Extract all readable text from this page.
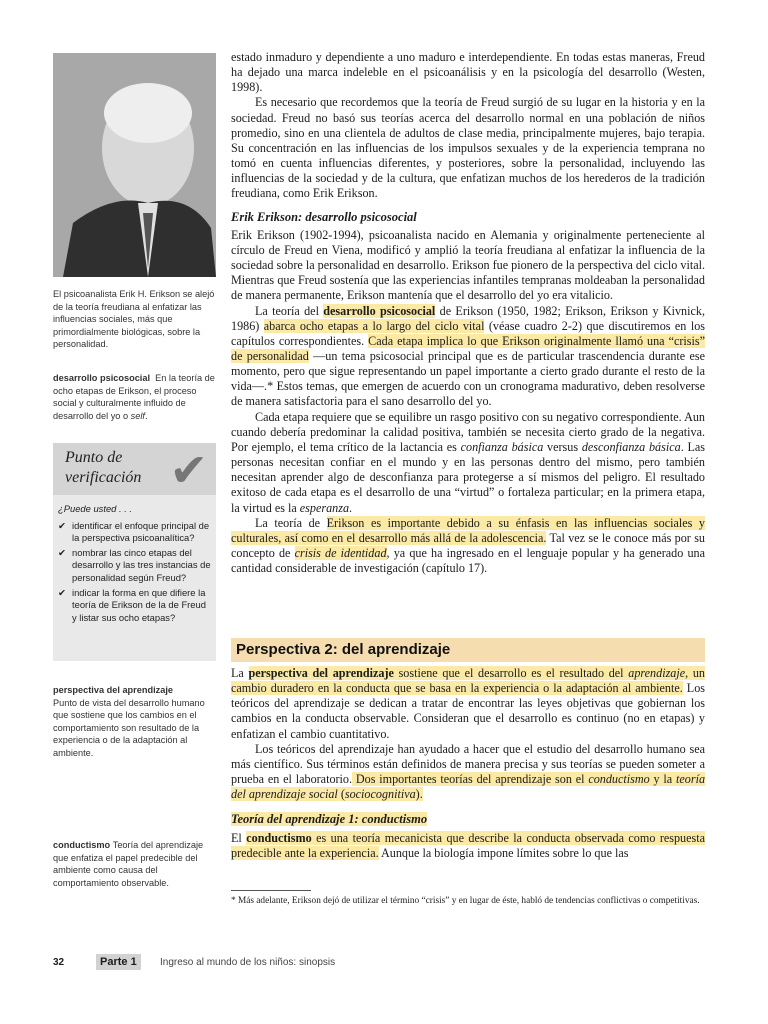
El psicoanalista Erik H. Erikson se alejó de la teoría freudiana al enfatizar las influencias sociales, más que primordialmente biológicas, sobre la personalidad.
desarrollo psicosocial En la teoría de ocho etapas de Erikson, el proceso social y culturalmente influido de desarrollo del yo o self.
Punto de
verificación ✔
¿Puede usted . . .
✔ identificar el enfoque principal de la perspectiva psicoanalítica?
✔ nombrar las cinco etapas del desarrollo y las tres instancias de personalidad según Freud?
✔ indicar la forma en que difiere la teoría de Erikson de la de Freud y listar sus ocho etapas?
perspectiva del aprendizaje
Punto de vista del desarrollo humano que sostiene que los cambios en el comportamiento son resultado de la experiencia o de la adaptación al ambiente.
conductismo Teoría del aprendizaje que enfatiza el papel predecible del ambiente como causa del comportamiento observable.

estado inmaduro y dependiente a uno maduro e interdependiente. En todas estas maneras, Freud ha dejado una marca indeleble en el psicoanálisis y en la psicología del desarrollo (Westen, 1998).

Es necesario que recordemos que la teoría de Freud surgió de su lugar en la historia y en la sociedad. Freud no basó sus teorías acerca del desarrollo normal en una población de niños promedio, sino en una clientela de adultos de clase media, principalmente mujeres, bajo terapia. Su concentración en las influencias de los impulsos sexuales y de la experiencia temprana no tomó en cuenta influencias diferentes, y posteriores, sobre la personalidad, incluyendo las influencias de la sociedad y de la cultura, que enfatizan muchos de los herederos de la tradición freudiana, como Erik Erikson.

Erik Erikson: desarrollo psicosocial

Erik Erikson (1902-1994), psicoanalista nacido en Alemania y originalmente perteneciente al círculo de Freud en Viena, modificó y amplió la teoría freudiana al enfatizar la influencia de la sociedad sobre la personalidad en desarrollo. Erikson fue pionero de la perspectiva del ciclo vital. Mientras que Freud sostenía que las experiencias infantiles tempranas moldeaban la personalidad de manera permanente, Erikson mantenía que el desarrollo del yo era vitalicio.

La teoría del desarrollo psicosocial de Erikson (1950, 1982; Erikson, Erikson y Kivnick, 1986) abarca ocho etapas a lo largo del ciclo vital (véase cuadro 2-2) que discutiremos en los capítulos correspondientes. Cada etapa implica lo que Erikson originalmente llamó una “crisis” de personalidad —un tema psicosocial principal que es de particular trascendencia durante ese momento, pero que sigue representando un papel importante a cierto grado durante el resto de la vida—.* Estos temas, que emergen de acuerdo con un cronograma madurativo, deben resolverse de manera satisfactoria para el sano desarrollo del yo.

Cada etapa requiere que se equilibre un rasgo positivo con su negativo correspondiente. Aun cuando debería predominar la calidad positiva, también se necesita cierto grado de la negativa. Por ejemplo, el tema crítico de la lactancia es confianza básica versus desconfianza básica. Las personas necesitan confiar en el mundo y en las personas dentro del mismo, pero también necesitan aprender algo de desconfianza para protegerse a sí mismos del peligro. El resultado exitoso de cada etapa es el desarrollo de una “virtud” o fortaleza particular; en la primera etapa, la virtud es la esperanza.

La teoría de Erikson es importante debido a su énfasis en las influencias sociales y culturales, así como en el desarrollo más allá de la adolescencia. Tal vez se le conoce más por su concepto de crisis de identidad, ya que ha ingresado en el lenguaje popular y ha generado una cantidad considerable de investigación (capítulo 17).

Perspectiva 2: del aprendizaje

La perspectiva del aprendizaje sostiene que el desarrollo es el resultado del aprendizaje, un cambio duradero en la conducta que se basa en la experiencia o la adaptación al ambiente. Los teóricos del aprendizaje se dedican a tratar de encontrar las leyes objetivas que gobiernan los cambios en la conducta observable. Consideran que el desarrollo es continuo (no en etapas) y enfatizan el cambio cuantitativo.

Los teóricos del aprendizaje han ayudado a hacer que el estudio del desarrollo humano sea más científico. Sus términos están definidos de manera precisa y sus teorías se pueden someter a prueba en el laboratorio. Dos importantes teorías del aprendizaje son el conductismo y la teoría del aprendizaje social (sociocognitiva).

Teoría del aprendizaje 1: conductismo

El conductismo es una teoría mecanicista que describe la conducta observada como respuesta predecible ante la experiencia. Aunque la biología impone límites sobre lo que las

* Más adelante, Erikson dejó de utilizar el término “crisis” y en lugar de éste, habló de tendencias conflictivas o competitivas.
32	Parte 1	Ingreso al mundo de los niños: sinopsis
